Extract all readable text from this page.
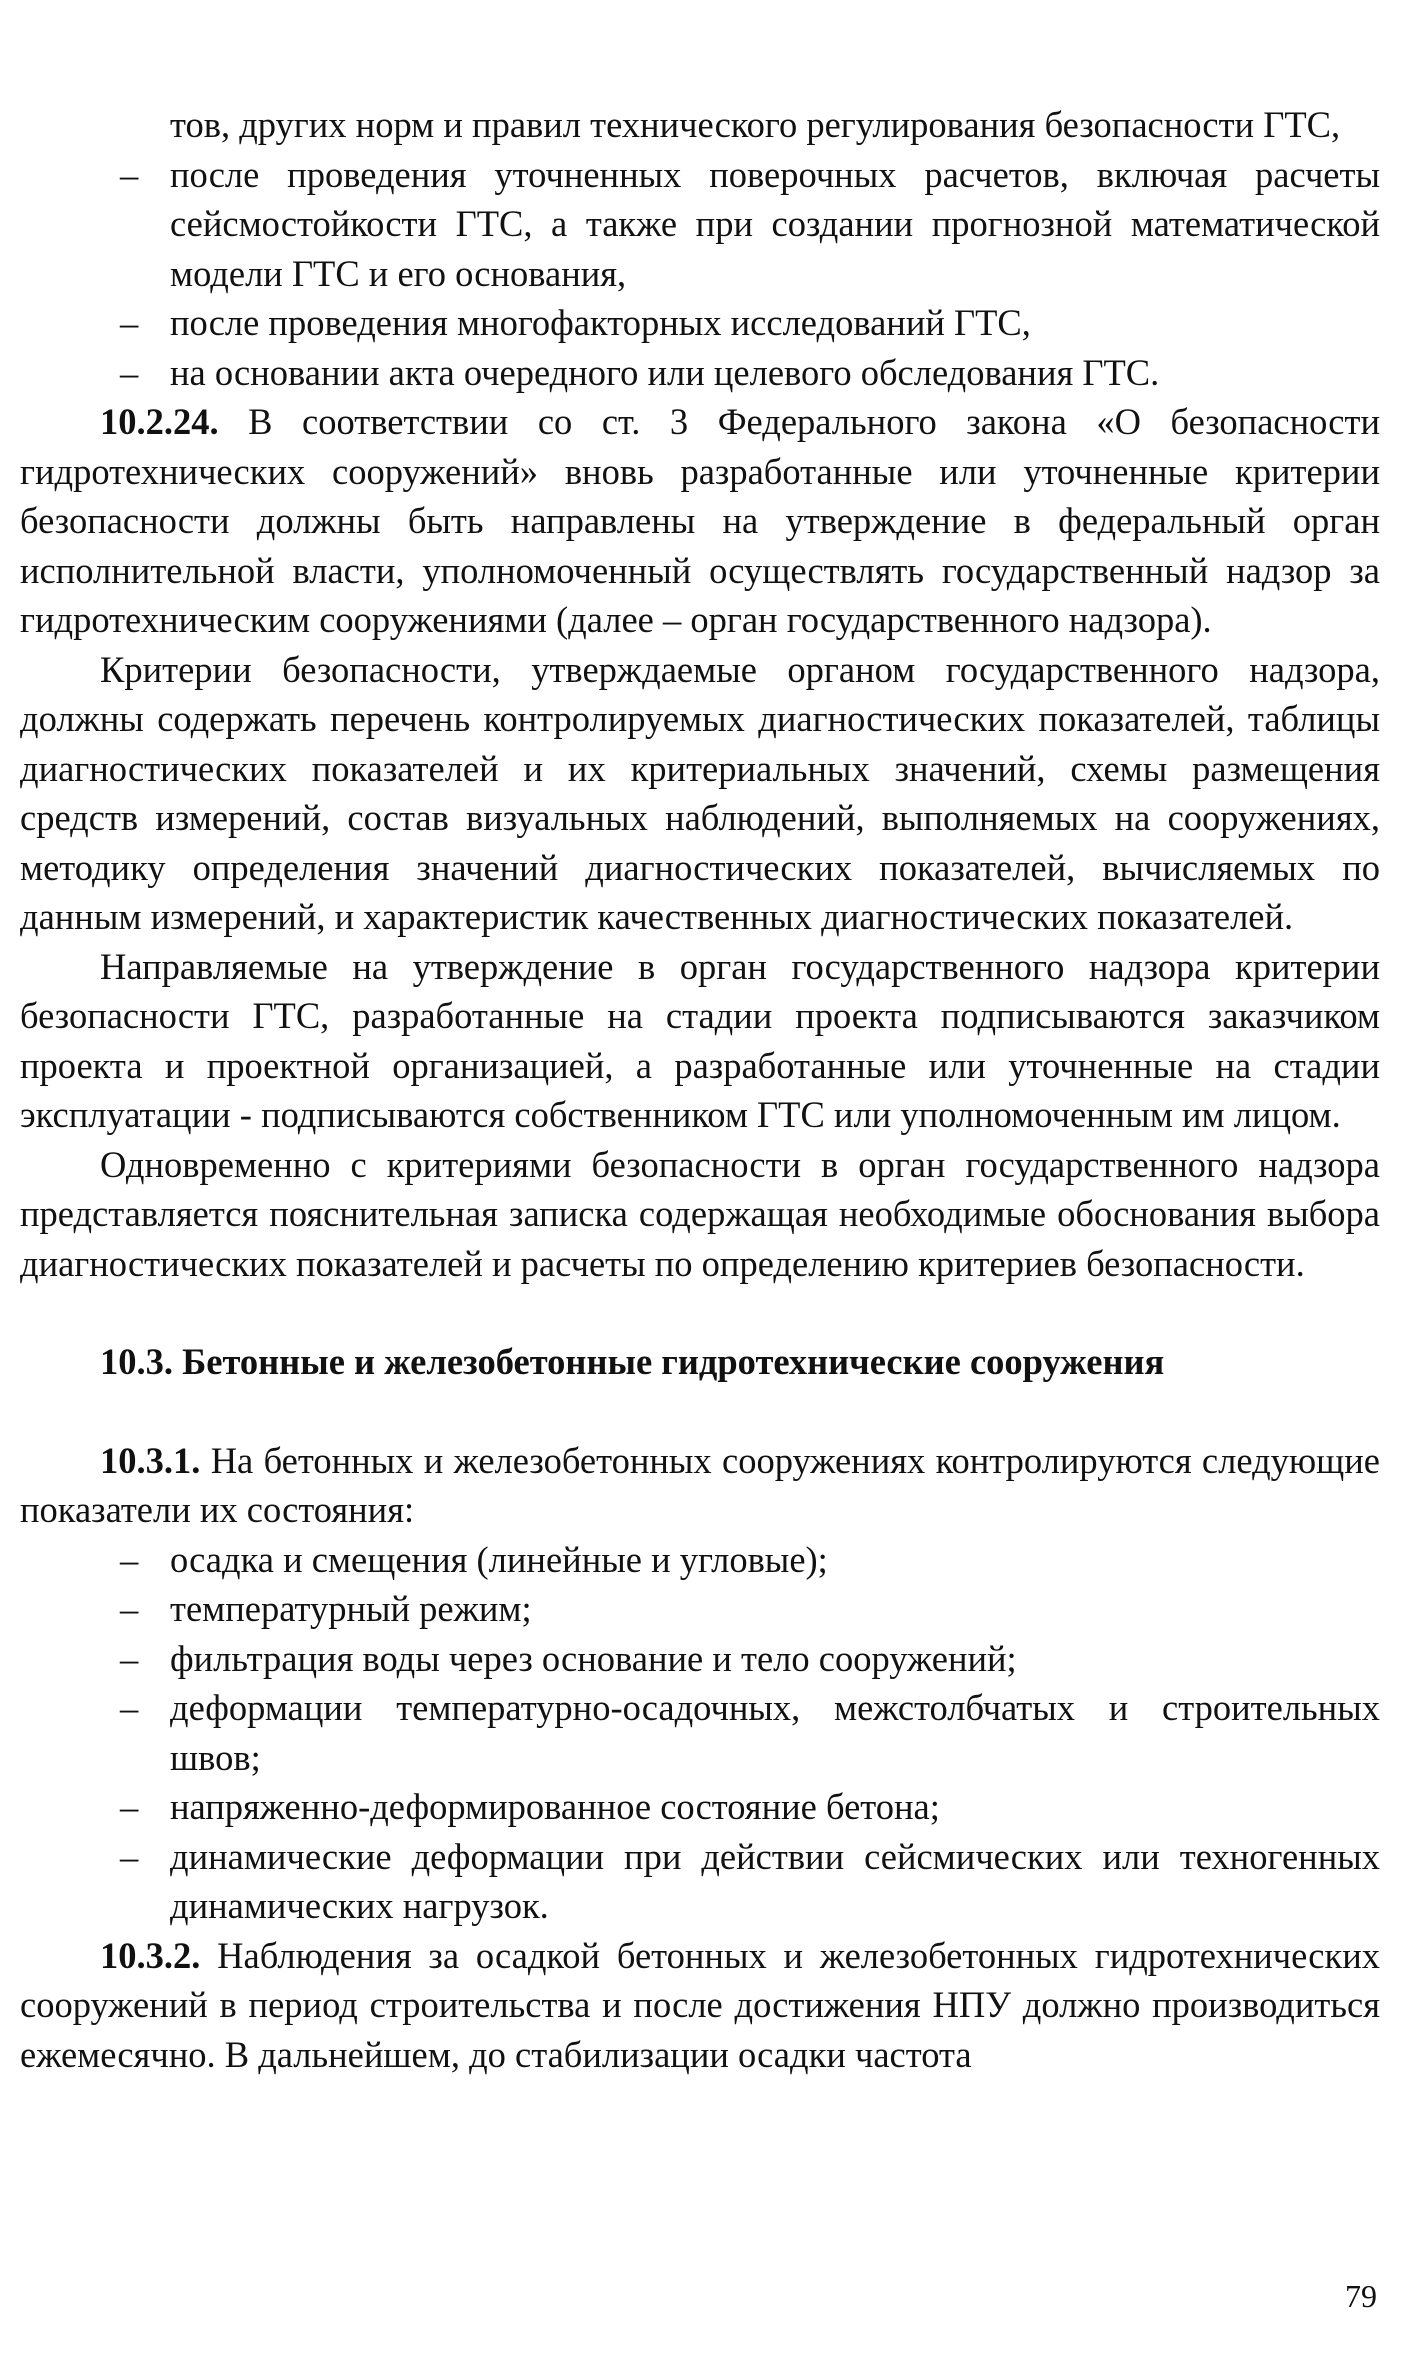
тов, других норм и правил технического регулирования безопасности ГТС,
– после проведения уточненных поверочных расчетов, включая расчеты сейсмостойкости ГТС, а также при создании прогнозной математической модели ГТС и его основания,
– после проведения многофакторных исследований ГТС,
– на основании акта очередного или целевого обследования ГТС.
10.2.24. В соответствии со ст. 3 Федерального закона «О безопасности гидротехнических сооружений» вновь разработанные или уточненные критерии безопасности должны быть направлены на утверждение в федеральный орган исполнительной власти, уполномоченный осуществлять государственный надзор за гидротехническим сооружениями (далее – орган государственного надзора).
Критерии безопасности, утверждаемые органом государственного надзора, должны содержать перечень контролируемых диагностических показателей, таблицы диагностических показателей и их критериальных значений, схемы размещения средств измерений, состав визуальных наблюдений, выполняемых на сооружениях, методику определения значений диагностических показателей, вычисляемых по данным измерений, и характеристик качественных диагностических показателей.
Направляемые на утверждение в орган государственного надзора критерии безопасности ГТС, разработанные на стадии проекта подписываются заказчиком проекта и проектной организацией, а разработанные или уточненные на стадии эксплуатации - подписываются собственником ГТС или уполномоченным им лицом.
Одновременно с критериями безопасности в орган государственного надзора представляется пояснительная записка содержащая необходимые обоснования выбора диагностических показателей и расчеты по определению критериев безопасности.
10.3. Бетонные и железобетонные гидротехнические сооружения
10.3.1. На бетонных и железобетонных сооружениях контролируются следующие показатели их состояния:
– осадка и смещения (линейные и угловые);
– температурный режим;
– фильтрация воды через основание и тело сооружений;
– деформации температурно-осадочных, межстолбчатых и строительных швов;
– напряженно-деформированное состояние бетона;
– динамические деформации при действии сейсмических или техногенных динамических нагрузок.
10.3.2. Наблюдения за осадкой бетонных и железобетонных гидротехнических сооружений в период строительства и после достижения НПУ должно производиться ежемесячно. В дальнейшем, до стабилизации осадки частота
79
